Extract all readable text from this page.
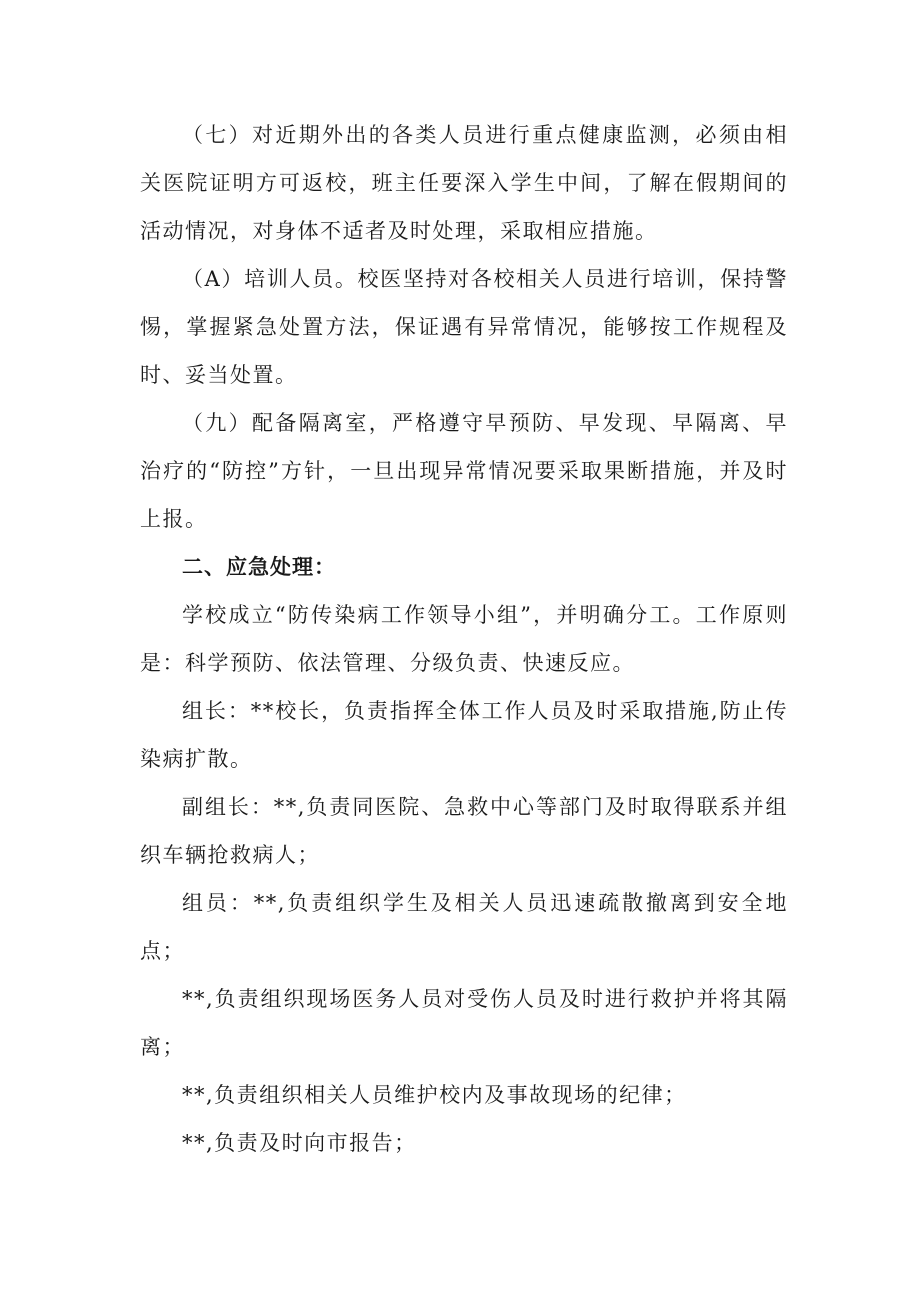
（七）对近期外出的各类人员进行重点健康监测，必须由相关医院证明方可返校，班主任要深入学生中间，了解在假期间的活动情况，对身体不适者及时处理，采取相应措施。

（A）培训人员。校医坚持对各校相关人员进行培训，保持警惕，掌握紧急处置方法，保证遇有异常情况，能够按工作规程及时、妥当处置。

（九）配备隔离室，严格遵守早预防、早发现、早隔离、早治疗的“防控”方针，一旦出现异常情况要采取果断措施，并及时上报。

二、应急处理：

学校成立“防传染病工作领导小组”，并明确分工。工作原则是：科学预防、依法管理、分级负责、快速反应。

组长：**校长，负责指挥全体工作人员及时采取措施,防止传染病扩散。

副组长：**,负责同医院、急救中心等部门及时取得联系并组织车辆抢救病人；

组员：**,负责组织学生及相关人员迅速疏散撤离到安全地点；

**,负责组织现场医务人员对受伤人员及时进行救护并将其隔离；

**,负责组织相关人员维护校内及事故现场的纪律；

**,负责及时向市报告；
